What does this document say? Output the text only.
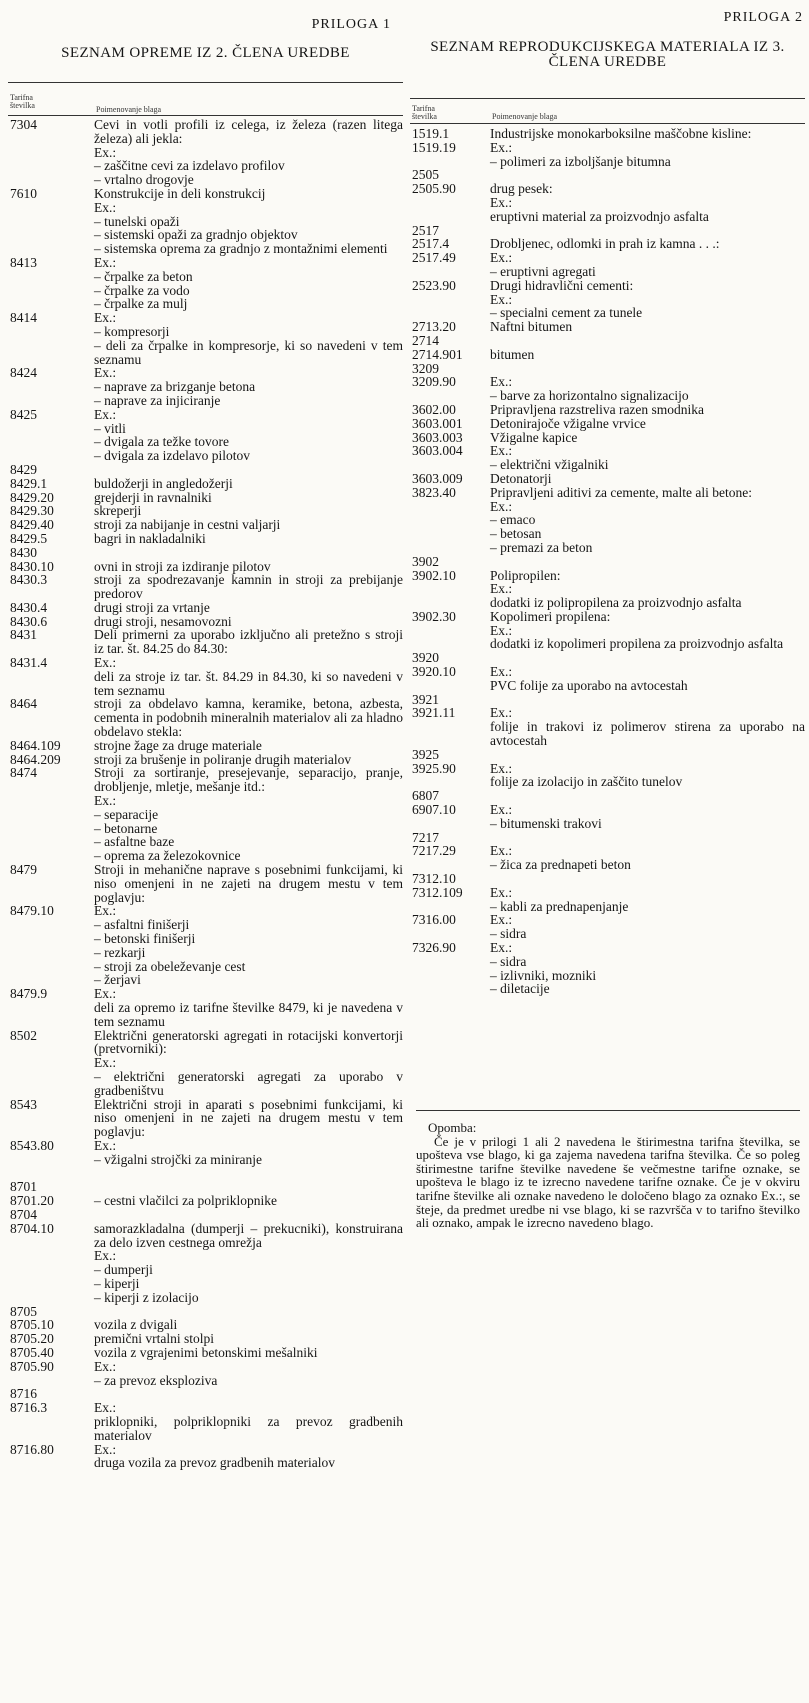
PRILOGA 1
SEZNAM OPREME IZ 2. ČLENA UREDBE
Tarifna številka	Poimenovanje blaga
7304	Cevi in votli profili iz celega, iz železa (razen litega železa) ali jekla:
Ex.:
– zaščitne cevi za izdelavo profilov
– vrtalno drogovje
7610	Konstrukcije in deli konstrukcij
Ex.:
– tunelski opaži
– sistemski opaži za gradnjo objektov
– sistemska oprema za gradnjo z montažnimi elementi
8413	Ex.:
– črpalke za beton
– črpalke za vodo
– črpalke za mulj
8414	Ex.:
– kompresorji
– deli za črpalke in kompresorje, ki so navedeni v tem seznamu
8424	Ex.:
– naprave za brizganje betona
– naprave za injiciranje
8425	Ex.:
– vitli
– dvigala za težke tovore
– dvigala za izdelavo pilotov
8429

8429.1	buldožerji in angledožerji
8429.20	grejderji in ravnalniki
8429.30	skreperji
8429.40	stroji za nabijanje in cestni valjarji
8429.5	bagri in nakladalniki
8430

8430.10	ovni in stroji za izdiranje pilotov
8430.3	stroji za spodrezavanje kamnin in stroji za prebijanje predorov
8430.4	drugi stroji za vrtanje
8430.6	drugi stroji, nesamovozni
8431	Deli primerni za uporabo izključno ali pretežno s stroji iz tar. št. 84.25 do 84.30:
8431.4	Ex.:
deli za stroje iz tar. št. 84.29 in 84.30, ki so navedeni v tem seznamu
8464	stroji za obdelavo kamna, keramike, betona, azbesta, cementa in podobnih mineralnih materialov ali za hladno obdelavo stekla:
8464.109	strojne žage za druge materiale
8464.209	stroji za brušenje in poliranje drugih materialov
8474	Stroji za sortiranje, presejevanje, separacijo, pranje, drobljenje, mletje, mešanje itd.:
Ex.:
– separacije
– betonarne
– asfaltne baze
– oprema za železokovnice
8479	Stroji in mehanične naprave s posebnimi funkcijami, ki niso omenjeni in ne zajeti na drugem mestu v tem poglavju:
8479.10	Ex.:
– asfaltni finišerji
– betonski finišerji
– rezkarji
– stroji za obeleževanje cest
– žerjavi
8479.9	Ex.:
deli za opremo iz tarifne številke 8479, ki je navedena v tem seznamu
8502	Električni generatorski agregati in rotacijski konvertorji (pretvorniki):
Ex.:
– električni generatorski agregati za uporabo v gradbeništvu
8543	Električni stroji in aparati s posebnimi funkcijami, ki niso omenjeni in ne zajeti na drugem mestu v tem poglavju:
8543.80	Ex.:
– vžigalni strojčki za miniranje

8701

8701.20	– cestni vlačilci za polpriklopnike
8704

8704.10	samorazkladalna (dumperji – prekucniki), konstruirana za delo izven cestnega omrežja
Ex.:
– dumperji
– kiperji
– kiperji z izolacijo
8705

8705.10	vozila z dvigali
8705.20	premični vrtalni stolpi
8705.40	vozila z vgrajenimi betonskimi mešalniki
8705.90	Ex.:
– za prevoz eksploziva
8716

8716.3	Ex.:
priklopniki, polpriklopniki za prevoz gradbenih materialov
8716.80	Ex.:
druga vozila za prevoz gradbenih materialov
PRILOGA 2
SEZNAM REPRODUKCIJSKEGA MATERIALA IZ 3. ČLENA UREDBE
Tarifna številka	Poimenovanje blaga
1519.1	Industrijske monokarboksilne maščobne kisline:
1519.19	Ex.:
– polimeri za izboljšanje bitumna
2505

2505.90	drug pesek:
Ex.:
eruptivni material za proizvodnjo asfalta
2517

2517.4	Drobljenec, odlomki in prah iz kamna . . .:
2517.49	Ex.:
– eruptivni agregati
2523.90	Drugi hidravlični cementi:
Ex.:
– specialni cement za tunele
2713.20	Naftni bitumen
2714

2714.901	bitumen
3209

3209.90	Ex.:
– barve za horizontalno signalizacijo
3602.00	Pripravljena razstreliva razen smodnika
3603.001	Detonirajoče vžigalne vrvice
3603.003	Vžigalne kapice
3603.004	Ex.:
– električni vžigalniki
3603.009	Detonatorji
3823.40	Pripravljeni aditivi za cemente, malte ali betone:
Ex.:
– emaco
– betosan
– premazi za beton
3902

3902.10	Polipropilen:
Ex.:
dodatki iz polipropilena za proizvodnjo asfalta
3902.30	Kopolimeri propilena:
Ex.:
dodatki iz kopolimeri propilena za proizvodnjo asfalta
3920

3920.10	Ex.:
PVC folije za uporabo na avtocestah
3921

3921.11	Ex.:
folije in trakovi iz polimerov stirena za uporabo na avtocestah
3925

3925.90	Ex.:
folije za izolacijo in zaščito tunelov
6807

6907.10	Ex.:
– bitumenski trakovi
7217

7217.29	Ex.:
– žica za prednapeti beton
7312.10

7312.109	Ex.:
– kabli za prednapenjanje
7316.00	Ex.:
– sidra
7326.90	Ex.:
– sidra
– izlivniki, mozniki
– diletacije
Opomba:
Če je v prilogi 1 ali 2 navedena le štirimestna tarifna številka, se upošteva vse blago, ki ga zajema navedena tarifna številka. Če so poleg štirimestne tarifne številke navedene še večmestne tarifne oznake, se upošteva le blago iz te izrecno navedene tarifne oznake. Če je v okviru tarifne številke ali oznake navedeno le določeno blago za oznako Ex.:, se šteje, da predmet uredbe ni vse blago, ki se razvršča v to tarifno številko ali oznako, ampak le izrecno navedeno blago.
